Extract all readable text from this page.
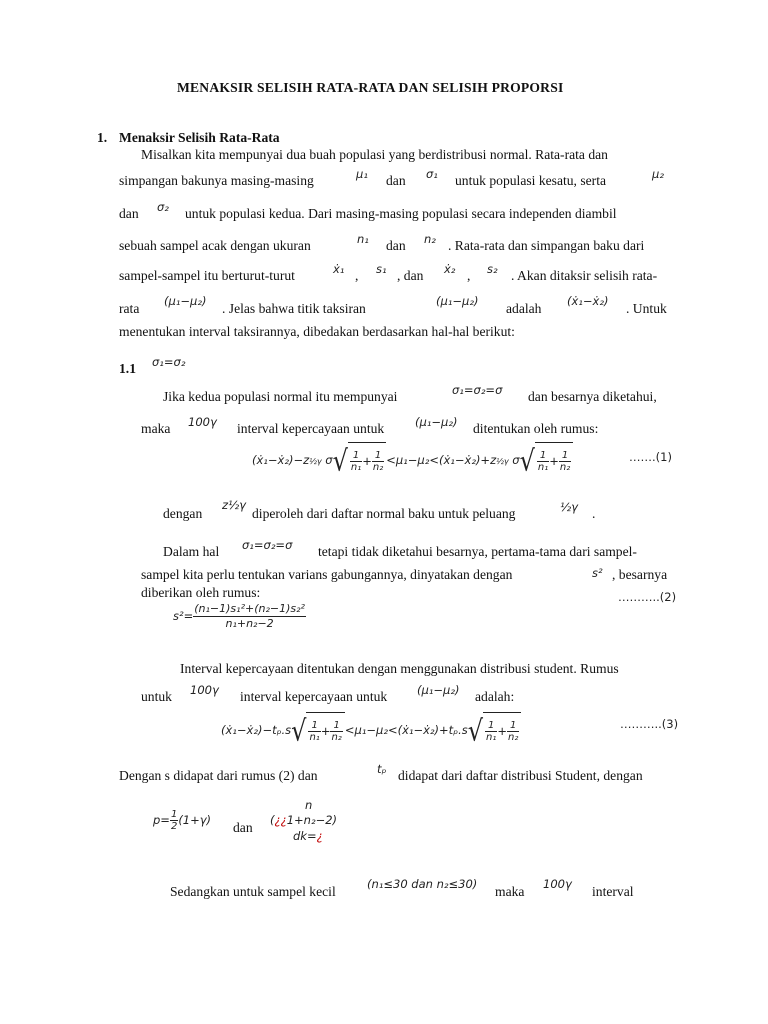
MENAKSIR SELISIH RATA-RATA DAN SELISIH PROPORSI
1. Menaksir Selisih Rata-Rata
Misalkan kita mempunyai dua buah populasi yang berdistribusi normal. Rata-rata dan
simpangan bakunya masing-masing	μ₁ dan σ₁ untuk populasi kesatu, serta	μ₂
dan σ₂ untuk populasi kedua. Dari masing-masing populasi secara independen diambil
sebuah sampel acak dengan ukuran	n₁ dan n₂ . Rata-rata dan simpangan baku dari
sampel-sampel itu berturut-turut	ẋ₁ , s₁ , dan ẋ₂ , s₂ . Akan ditaksir selisih rata-
rata (μ₁−μ₂) . Jelas bahwa titik taksiran	(μ₁−μ₂) adalah (ẋ₁−ẋ₂) . Untuk
menentukan interval taksirannya, dibedakan berdasarkan hal-hal berikut:
1.1 σ₁=σ₂
Jika kedua populasi normal itu mempunyai	σ₁=σ₂=σ dan besarnya diketahui,
maka 100γ interval kepercayaan untuk	(μ₁−μ₂) ditentukan oleh rumus:
(ẋ₁−ẋ₂)−z½γ $\sigma√ \frac{1}{\text{n₁}} + \frac{1}{\text{n₂}}$ <μ₁−μ₂<(ẋ₁−ẋ₂)+z½γ $\sigma√ \frac{1}{\text{n₁}} + \frac{1}{\text{n₂}}$	…….(1)
dengan
z½γ
diperoleh dari daftar normal baku untuk peluang	½γ .
Dalam hal σ₁=σ₂=σ tetapi tidak diketahui besarnya, pertama-tama dari sampel-
sampel kita perlu tentukan varians gabungannya, dinyatakan dengan	s² , besarnya
diberikan oleh rumus:	………..(2)
$s^2= \frac{\text{(n₁−1)s₁²+(n₂−1)s₂²}}{\text{n₁+n₂−2}}$
Interval kepercayaan ditentukan dengan menggunakan distribusi student. Rumus
untuk 100γ interval kepercayaan untuk	(μ₁−μ₂) adalah:
(ẋ₁−ẋ₂)−tₚ.s√ $\frac{1}{\text{n₁}} + \frac{1}{\text{n₂}}$ <μ₁−μ₂<(ẋ₁−ẋ₂)+tₚ.s√ $\frac{1}{\text{n₁}} + \frac{1}{\text{n₂}}$	………..(3)
Dengan s didapat dari rumus (2) dan	tₚ didapat dari daftar distribusi Student, dengan
$p= \frac{1}{2} (1+\gamma)$ dan
n
(¿¿1+n₂−2)
dk=¿
Sedangkan untuk sampel kecil	(n₁≤30 dan n₂≤30) maka 100γ interval
